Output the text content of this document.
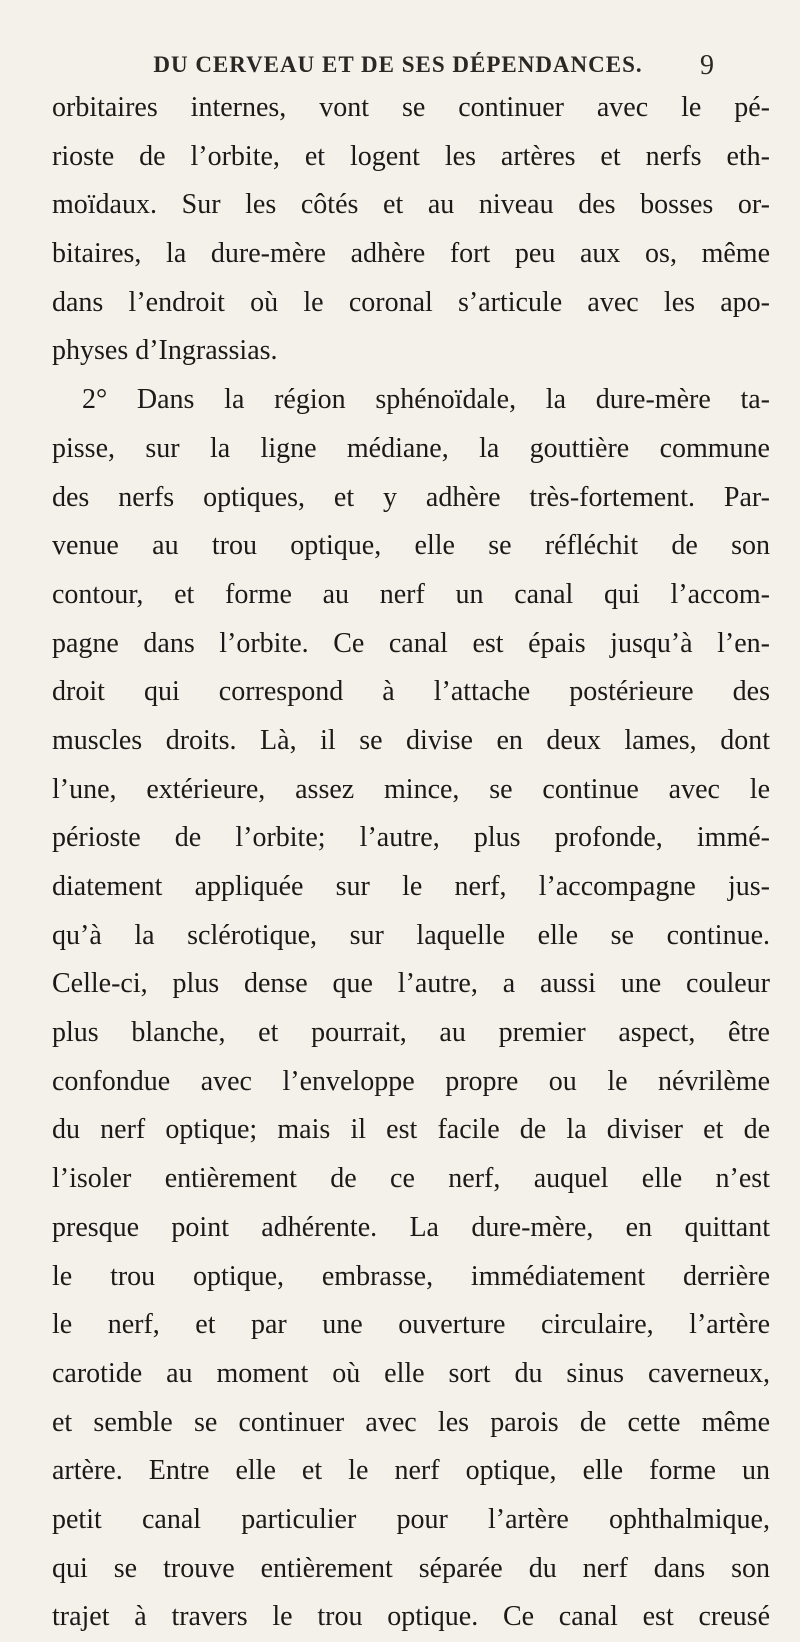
DU CERVEAU ET DE SES DÉPENDANCES.	9
orbitaires internes, vont se continuer avec le pé-
rioste de l’orbite, et logent les artères et nerfs eth-
moïdaux. Sur les côtés et au niveau des bosses or-
bitaires, la dure-mère adhère fort peu aux os, même
dans l’endroit où le coronal s’articule avec les apo-
physes d’Ingrassias.
2° Dans la région sphénoïdale, la dure-mère ta-
pisse, sur la ligne médiane, la gouttière commune
des nerfs optiques, et y adhère très-fortement. Par-
venue au trou optique, elle se réfléchit de son
contour, et forme au nerf un canal qui l’accom-
pagne dans l’orbite. Ce canal est épais jusqu’à l’en-
droit qui correspond à l’attache postérieure des
muscles droits. Là, il se divise en deux lames, dont
l’une, extérieure, assez mince, se continue avec le
périoste de l’orbite; l’autre, plus profonde, immé-
diatement appliquée sur le nerf, l’accompagne jus-
qu’à la sclérotique, sur laquelle elle se continue.
Celle-ci, plus dense que l’autre, a aussi une couleur
plus blanche, et pourrait, au premier aspect, être
confondue avec l’enveloppe propre ou le névrilème
du nerf optique; mais il est facile de la diviser et de
l’isoler entièrement de ce nerf, auquel elle n’est
presque point adhérente. La dure-mère, en quittant
le trou optique, embrasse, immédiatement derrière
le nerf, et par une ouverture circulaire, l’artère
carotide au moment où elle sort du sinus caverneux,
et semble se continuer avec les parois de cette même
artère. Entre elle et le nerf optique, elle forme un
petit canal particulier pour l’artère ophthalmique,
qui se trouve entièrement séparée du nerf dans son
trajet à travers le trou optique. Ce canal est creusé
